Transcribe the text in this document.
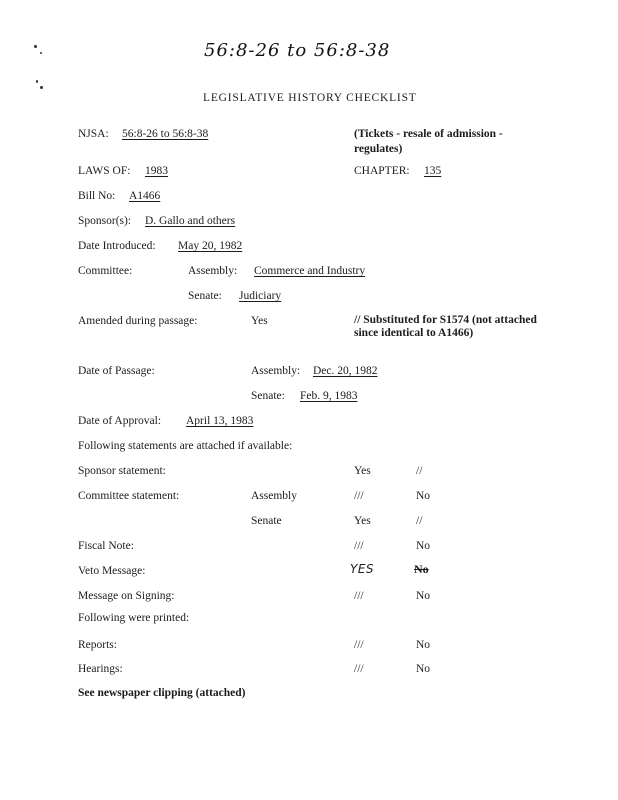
56:8-26 to 56:8-38
LEGISLATIVE HISTORY CHECKLIST
NJSA: 56:8-26 to 56:8-38	(Tickets - resale of admission - regulates)
LAWS OF: 1983	CHAPTER: 135
Bill No: A1466
Sponsor(s): D. Gallo and others
Date Introduced: May 20, 1982
Committee:	Assembly: Commerce and Industry
Senate: Judiciary
Amended during passage:	Yes	// Substituted for S1574 (not attached since identical to A1466)
Date of Passage:	Assembly: Dec. 20, 1982
Senate: Feb. 9, 1983
Date of Approval: April 13, 1983
Following statements are attached if available:
Sponsor statement:	Yes	//
Committee statement:	Assembly	///	No
Senate	Yes	//
Fiscal Note:	///	No
Veto Message:	YES	No
Message on Signing:	///	No
Following were printed:
Reports:	///	No
Hearings:	///	No
See newspaper clipping (attached)
